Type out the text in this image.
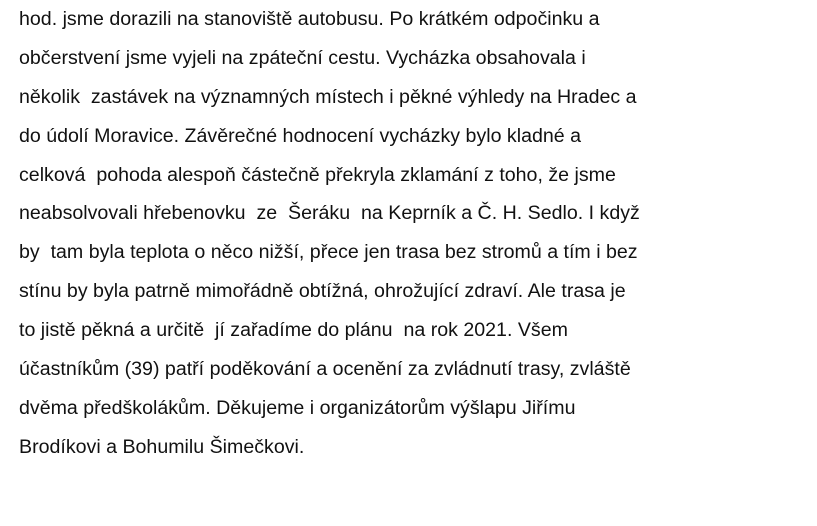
hod. jsme dorazili na stanoviště autobusu. Po krátkém odpočinku a
občerstvení jsme vyjeli na zpáteční cestu. Vycházka obsahovala i
několik  zastávek na významných místech i pěkné výhledy na Hradec a
do údolí Moravice. Závěrečné hodnocení vycházky bylo kladné a
celková  pohoda alespoň částečně překryla zklamání z toho, že jsme
neabsolvovali hřebenovku  ze  Šeráku  na Keprník a Č. H. Sedlo. I když
by  tam byla teplota o něco nižší, přece jen trasa bez stromů a tím i bez
stínu by byla patrně mimořádně obtížná, ohrožující zdraví. Ale trasa je
to jistě pěkná a určitě  jí zařadíme do plánu  na rok 2021. Všem
účastníkům (39) patří poděkování a ocenění za zvládnutí trasy, zvláště
dvěma předškolákům. Děkujeme i organizátorům výšlapu Jiřímu
Brodíkovi a Bohumilu Šimečkovi.
